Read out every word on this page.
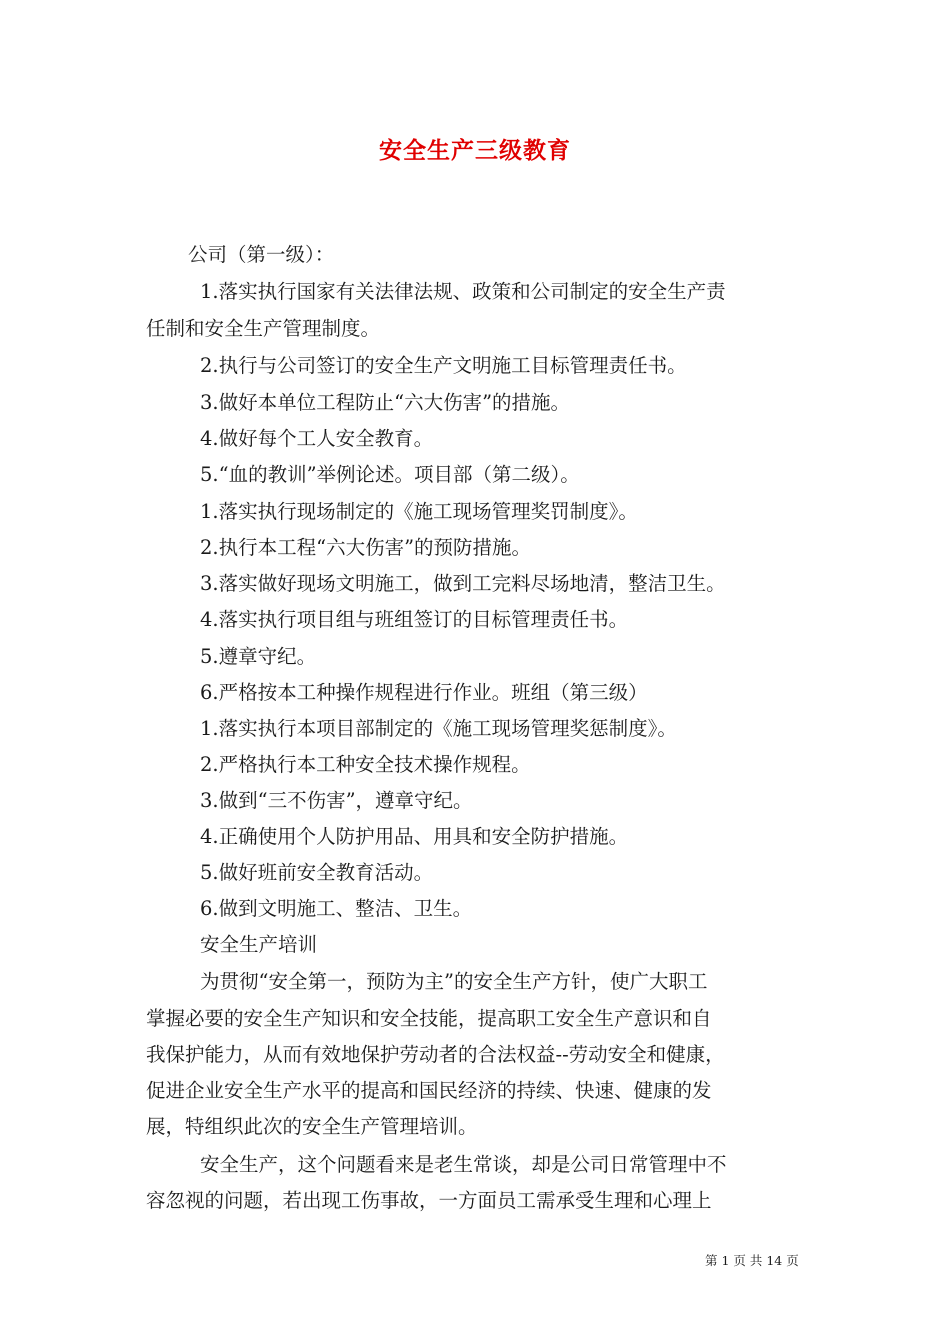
安全生产三级教育
公司（第一级）：
1.落实执行国家有关法律法规、政策和公司制定的安全生产责
任制和安全生产管理制度。
2.执行与公司签订的安全生产文明施工目标管理责任书。
3.做好本单位工程防止“六大伤害”的措施。
4.做好每个工人安全教育。
5.“血的教训”举例论述。项目部（第二级）。
1.落实执行现场制定的《施工现场管理奖罚制度》。
2.执行本工程“六大伤害”的预防措施。
3.落实做好现场文明施工，做到工完料尽场地清，整洁卫生。
4.落实执行项目组与班组签订的目标管理责任书。
5.遵章守纪。
6.严格按本工种操作规程进行作业。班组（第三级）
1.落实执行本项目部制定的《施工现场管理奖惩制度》。
2.严格执行本工种安全技术操作规程。
3.做到“三不伤害”，遵章守纪。
4.正确使用个人防护用品、用具和安全防护措施。
5.做好班前安全教育活动。
6.做到文明施工、整洁、卫生。
安全生产培训
为贯彻“安全第一，预防为主”的安全生产方针，使广大职工
掌握必要的安全生产知识和安全技能，提高职工安全生产意识和自
我保护能力，从而有效地保护劳动者的合法权益--劳动安全和健康，
促进企业安全生产水平的提高和国民经济的持续、快速、健康的发
展，特组织此次的安全生产管理培训。
安全生产，这个问题看来是老生常谈，却是公司日常管理中不
容忽视的问题，若出现工伤事故，一方面员工需承受生理和心理上
第 1 页 共 14 页
